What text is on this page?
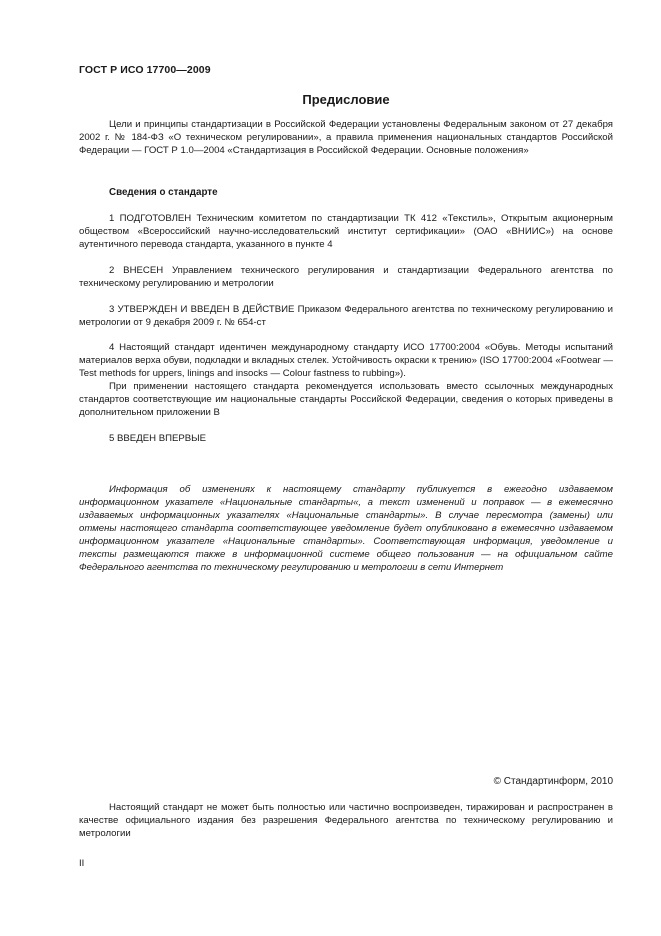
ГОСТ Р ИСО 17700—2009
Предисловие

Цели и принципы стандартизации в Российской Федерации установлены Федеральным законом от 27 декабря 2002 г. № 184-ФЗ «О техническом регулировании», а правила применения национальных стандартов Российской Федерации — ГОСТ Р 1.0—2004 «Стандартизация в Российской Федерации. Основные положения»

Сведения о стандарте

1 ПОДГОТОВЛЕН Техническим комитетом по стандартизации ТК 412 «Текстиль», Открытым акционерным обществом «Всероссийский научно-исследовательский институт сертификации» (ОАО «ВНИИС») на основе аутентичного перевода стандарта, указанного в пункте 4

2 ВНЕСЕН Управлением технического регулирования и стандартизации Федерального агентства по техническому регулированию и метрологии

3 УТВЕРЖДЕН И ВВЕДЕН В ДЕЙСТВИЕ Приказом Федерального агентства по техническому регулированию и метрологии от 9 декабря 2009 г. № 654-ст

4 Настоящий стандарт идентичен международному стандарту ИСО 17700:2004 «Обувь. Методы испытаний материалов верха обуви, подкладки и вкладных стелек. Устойчивость окраски к трению» (ISO 17700:2004 «Footwear — Test methods for uppers, linings and insocks — Colour fastness to rubbing»).

При применении настоящего стандарта рекомендуется использовать вместо ссылочных международных стандартов соответствующие им национальные стандарты Российской Федерации, сведения о которых приведены в дополнительном приложении В

5 ВВЕДЕН ВПЕРВЫЕ

Информация об изменениях к настоящему стандарту публикуется в ежегодно издаваемом информационном указателе «Национальные стандарты«, а текст изменений и поправок — в ежемесячно издаваемых информационных указателях «Национальные стандарты». В случае пересмотра (замены) или отмены настоящего стандарта соответствующее уведомление будет опубликовано в ежемесячно издаваемом информационном указателе «Национальные стандарты». Соответствующая информация, уведомление и тексты размещаются также в информационной системе общего пользования — на официальном сайте Федерального агентства по техническому регулированию и метрологии в сети Интернет

© Стандартинформ, 2010

Настоящий стандарт не может быть полностью или частично воспроизведен, тиражирован и распространен в качестве официального издания без разрешения Федерального агентства по техническому регулированию и метрологии

II
